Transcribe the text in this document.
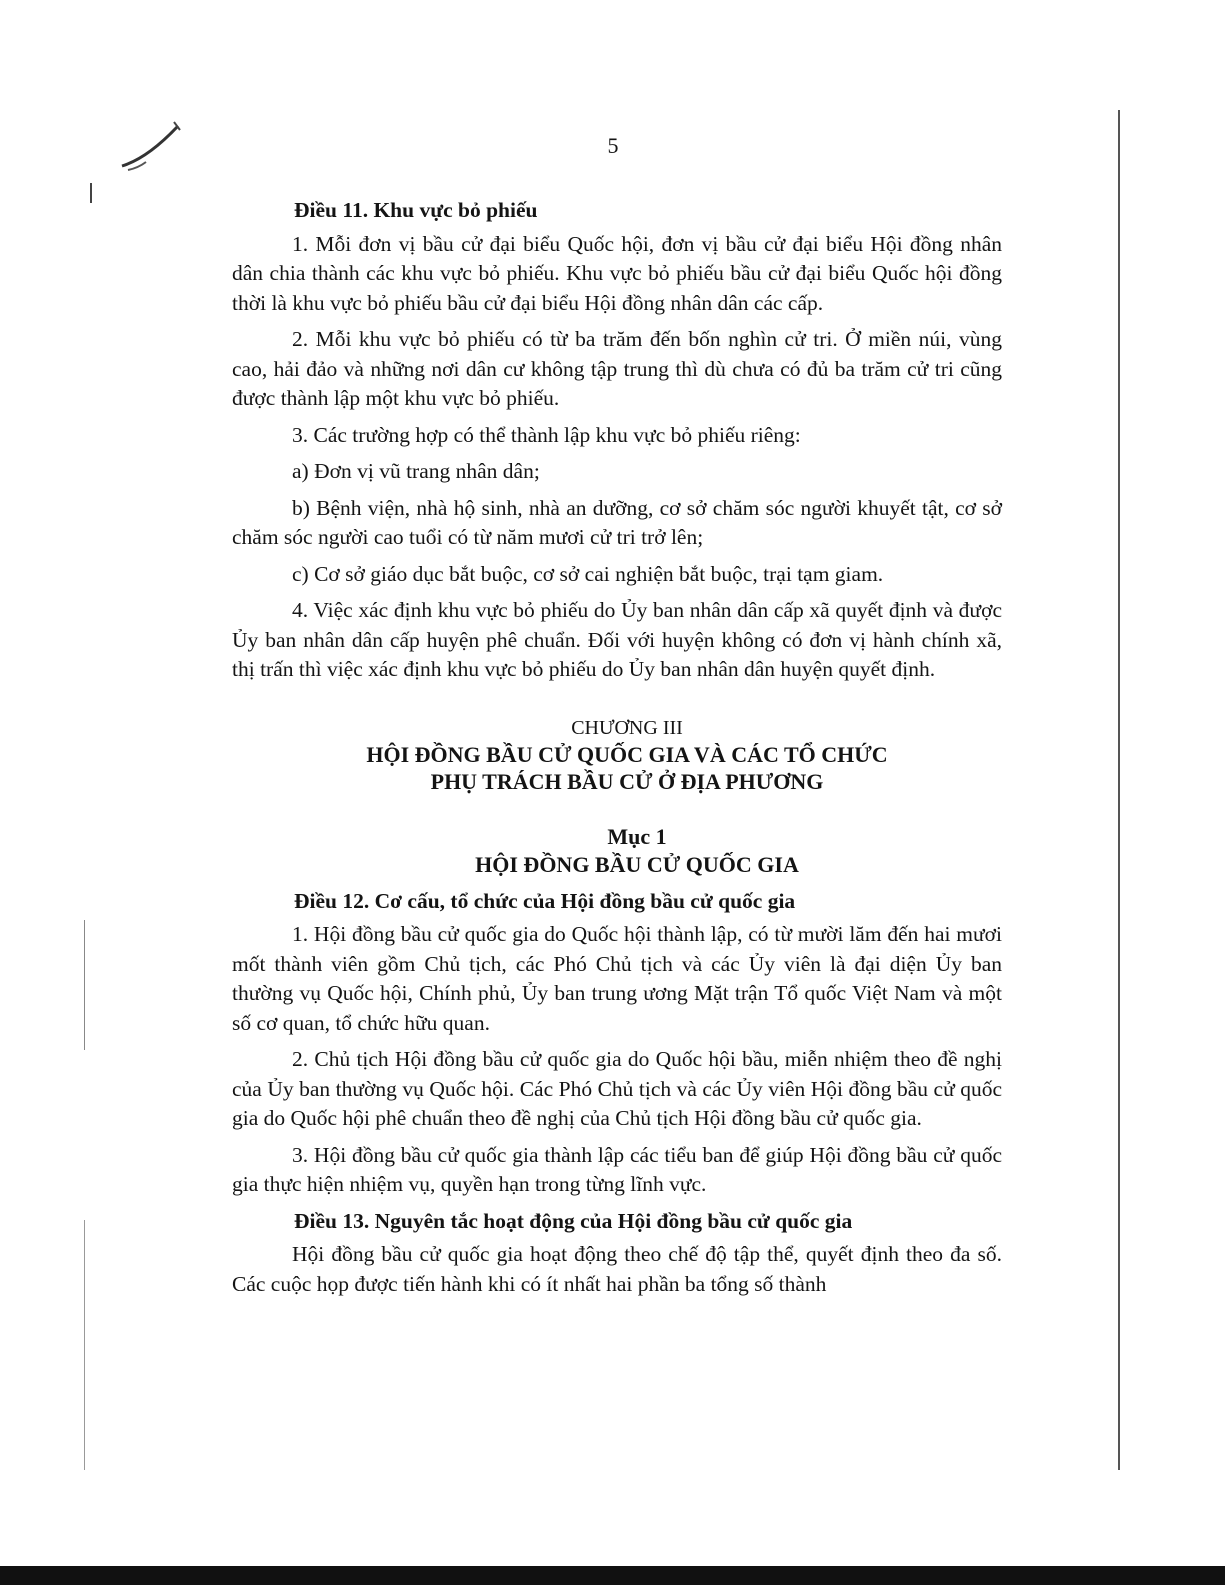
5
Điều 11. Khu vực bỏ phiếu

1. Mỗi đơn vị bầu cử đại biểu Quốc hội, đơn vị bầu cử đại biểu Hội đồng nhân dân chia thành các khu vực bỏ phiếu. Khu vực bỏ phiếu bầu cử đại biểu Quốc hội đồng thời là khu vực bỏ phiếu bầu cử đại biểu Hội đồng nhân dân các cấp.

2. Mỗi khu vực bỏ phiếu có từ ba trăm đến bốn nghìn cử tri. Ở miền núi, vùng cao, hải đảo và những nơi dân cư không tập trung thì dù chưa có đủ ba trăm cử tri cũng được thành lập một khu vực bỏ phiếu.

3. Các trường hợp có thể thành lập khu vực bỏ phiếu riêng:

a) Đơn vị vũ trang nhân dân;

b) Bệnh viện, nhà hộ sinh, nhà an dưỡng, cơ sở chăm sóc người khuyết tật, cơ sở chăm sóc người cao tuổi có từ năm mươi cử tri trở lên;

c) Cơ sở giáo dục bắt buộc, cơ sở cai nghiện bắt buộc, trại tạm giam.

4. Việc xác định khu vực bỏ phiếu do Ủy ban nhân dân cấp xã quyết định và được Ủy ban nhân dân cấp huyện phê chuẩn. Đối với huyện không có đơn vị hành chính xã, thị trấn thì việc xác định khu vực bỏ phiếu do Ủy ban nhân dân huyện quyết định.

CHƯƠNG III
HỘI ĐỒNG BẦU CỬ QUỐC GIA VÀ CÁC TỔ CHỨC
PHỤ TRÁCH BẦU CỬ Ở ĐỊA PHƯƠNG
Mục 1
HỘI ĐỒNG BẦU CỬ QUỐC GIA
Điều 12. Cơ cấu, tổ chức của Hội đồng bầu cử quốc gia

1. Hội đồng bầu cử quốc gia do Quốc hội thành lập, có từ mười lăm đến hai mươi mốt thành viên gồm Chủ tịch, các Phó Chủ tịch và các Ủy viên là đại diện Ủy ban thường vụ Quốc hội, Chính phủ, Ủy ban trung ương Mặt trận Tổ quốc Việt Nam và một số cơ quan, tổ chức hữu quan.

2. Chủ tịch Hội đồng bầu cử quốc gia do Quốc hội bầu, miễn nhiệm theo đề nghị của Ủy ban thường vụ Quốc hội. Các Phó Chủ tịch và các Ủy viên Hội đồng bầu cử quốc gia do Quốc hội phê chuẩn theo đề nghị của Chủ tịch Hội đồng bầu cử quốc gia.

3. Hội đồng bầu cử quốc gia thành lập các tiểu ban để giúp Hội đồng bầu cử quốc gia thực hiện nhiệm vụ, quyền hạn trong từng lĩnh vực.

Điều 13. Nguyên tắc hoạt động của Hội đồng bầu cử quốc gia

Hội đồng bầu cử quốc gia hoạt động theo chế độ tập thể, quyết định theo đa số. Các cuộc họp được tiến hành khi có ít nhất hai phần ba tổng số thành
